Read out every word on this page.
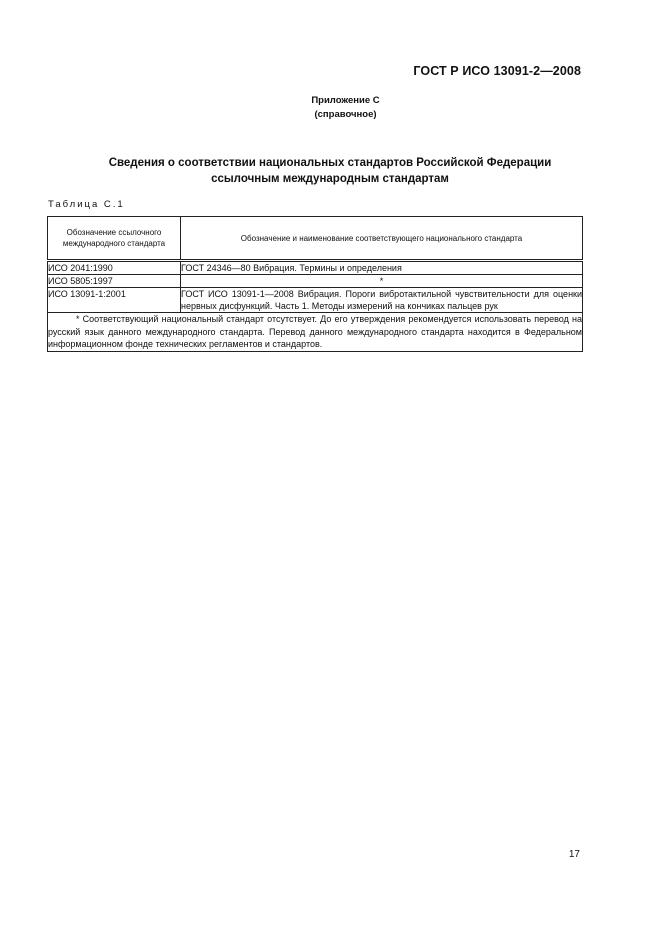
ГОСТ Р ИСО 13091-2—2008
Приложение С
(справочное)
Сведения о соответствии национальных стандартов Российской Федерации
ссылочным международным стандартам
Таблица С.1
Обозначение ссылочного
международного стандарта	Обозначение и наименование соответствующего национального стандарта
ИСО 2041:1990	ГОСТ 24346—80 Вибрация. Термины и определения
ИСО 5805:1997	*
ИСО 13091-1:2001	ГОСТ ИСО 13091-1—2008 Вибрация. Пороги вибротактильной чувствительности для оценки нервных дисфункций. Часть 1. Методы измерений на кончиках пальцев рук
* Соответствующий национальный стандарт отсутствует. До его утверждения рекомендуется использовать перевод на русский язык данного международного стандарта. Перевод данного международного стандарта находится в Федеральном информационном фонде технических регламентов и стандартов.	
17
